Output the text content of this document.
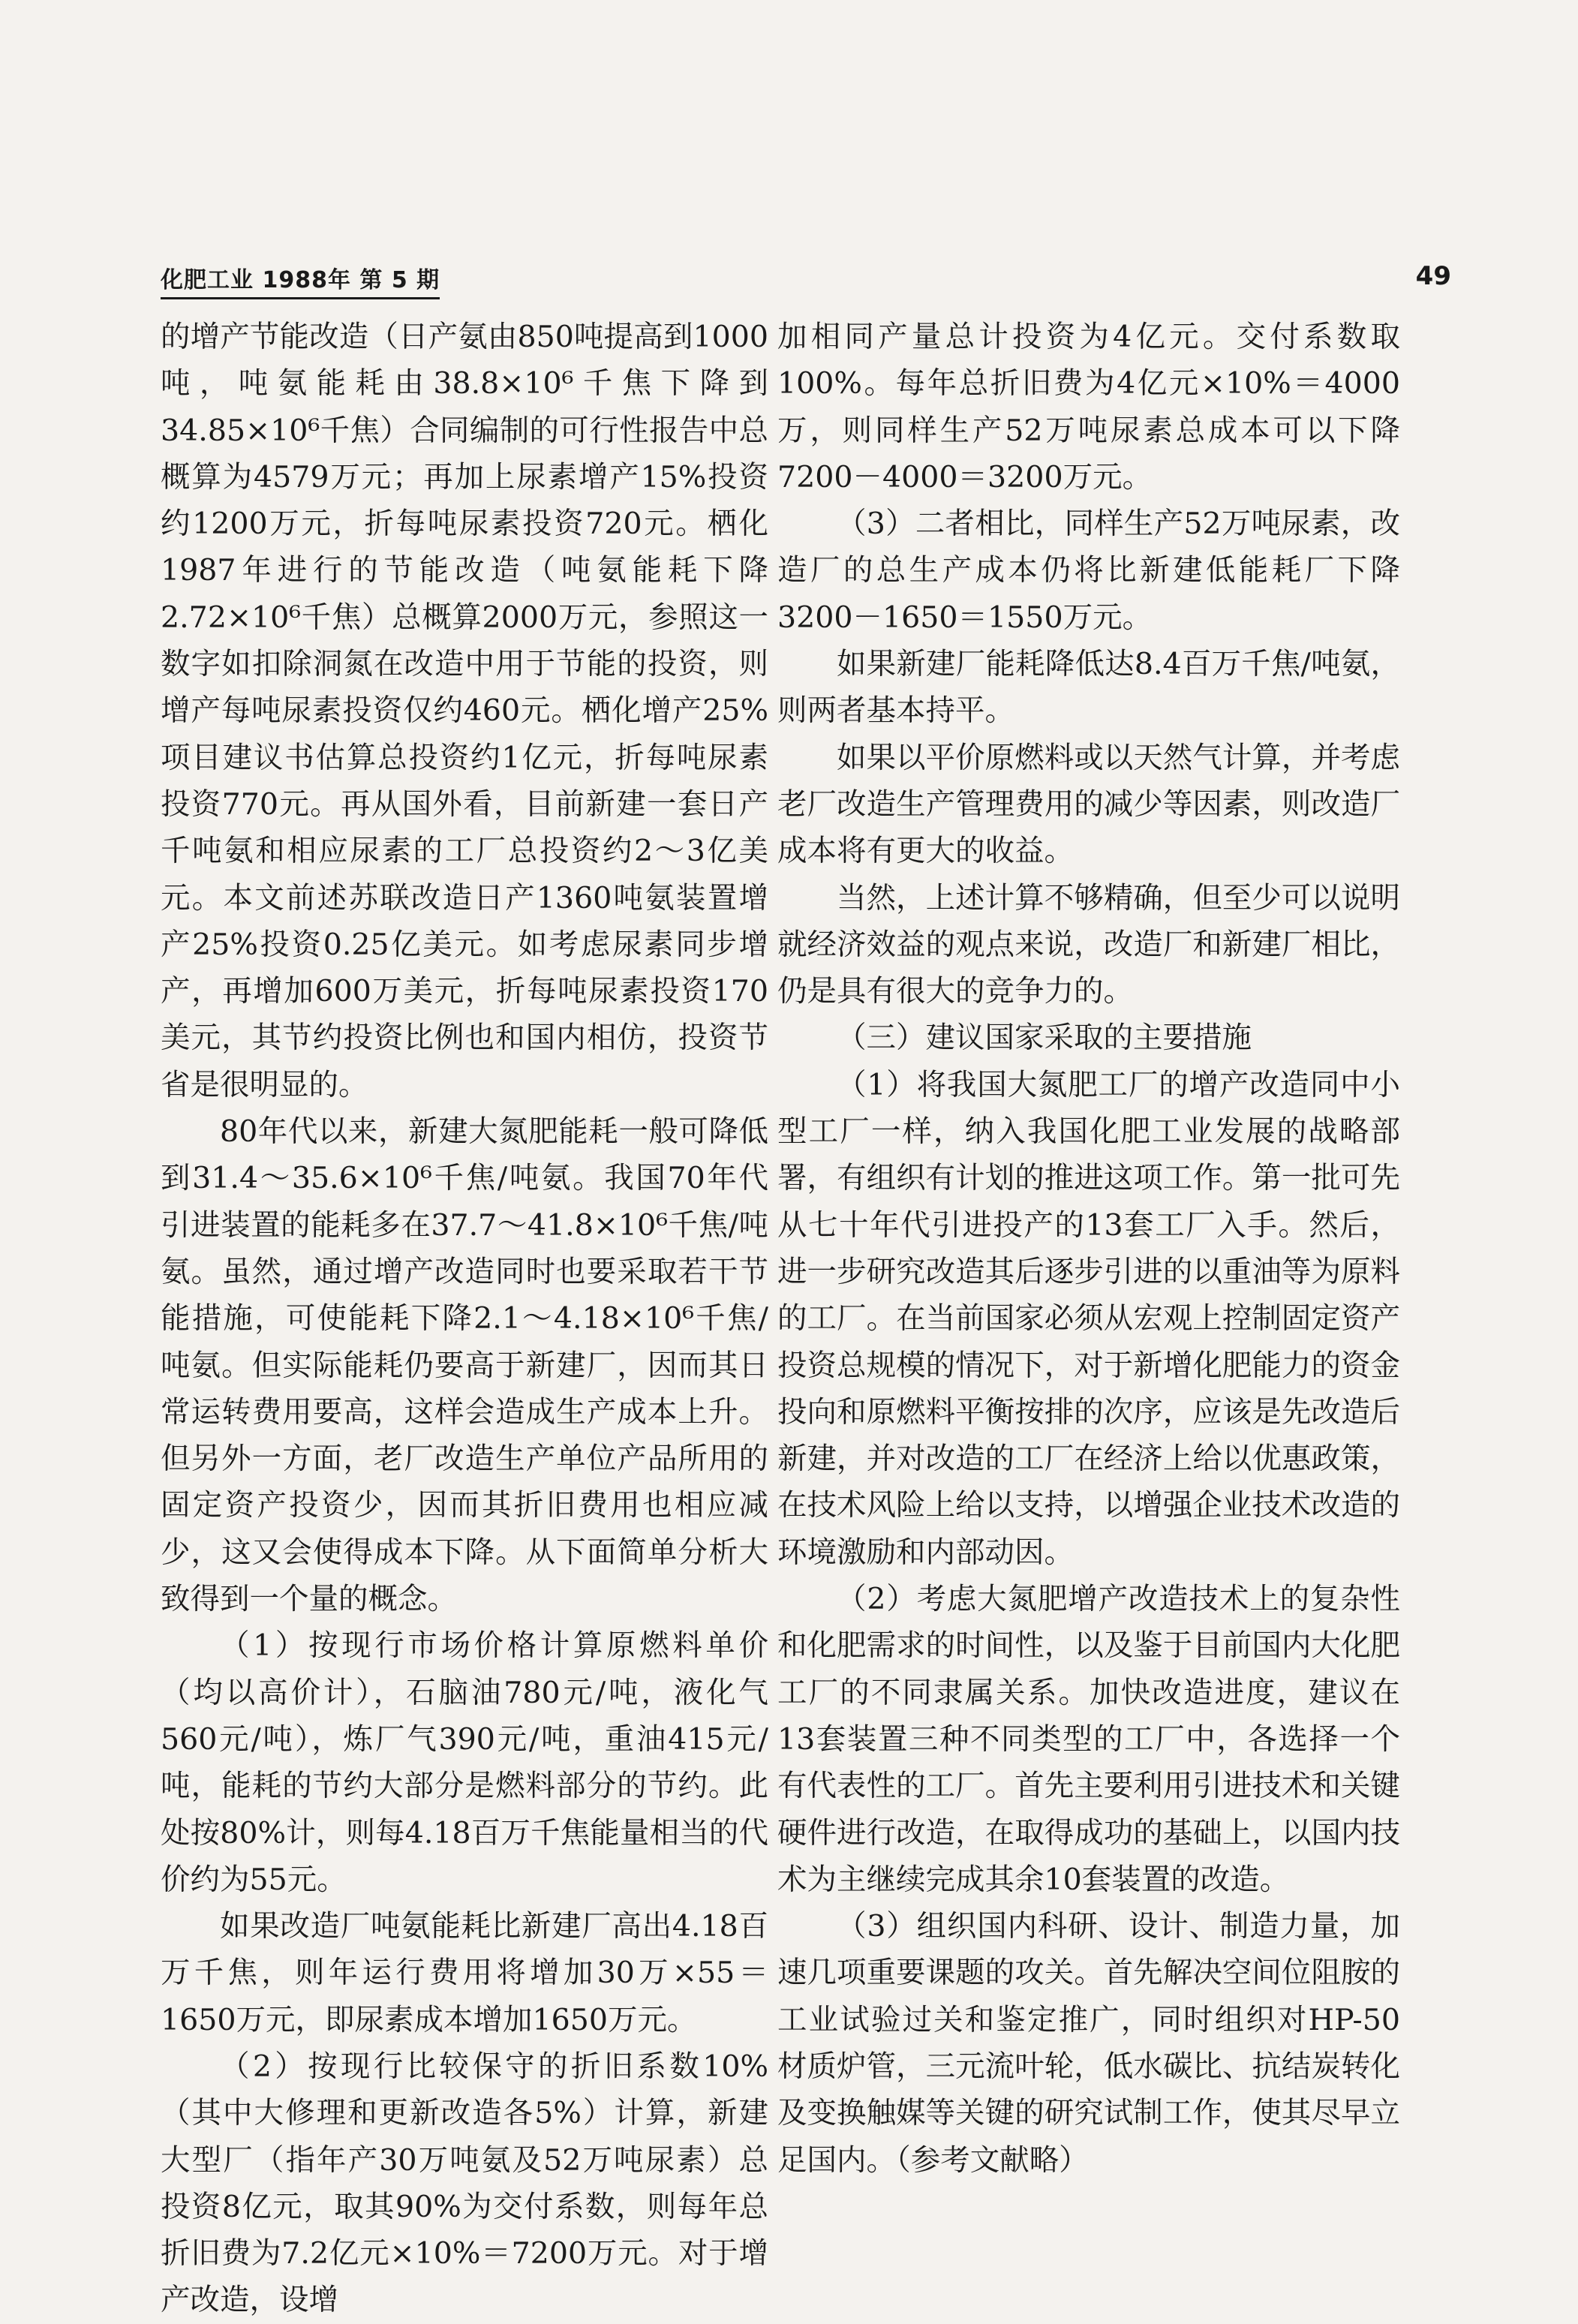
化肥工业 1988年 第 5 期	49

的增产节能改造（日产氨由850吨提高到1000吨，吨氨能耗由38.8×10⁶千焦下降到34.85×10⁶千焦）合同编制的可行性报告中总概算为4579万元；再加上尿素增产15%投资约1200万元，折每吨尿素投资720元。栖化1987年进行的节能改造（吨氨能耗下降2.72×10⁶千焦）总概算2000万元，参照这一数字如扣除洞氮在改造中用于节能的投资，则增产每吨尿素投资仅约460元。栖化增产25%项目建议书估算总投资约1亿元，折每吨尿素投资770元。再从国外看，目前新建一套日产千吨氨和相应尿素的工厂总投资约2～3亿美元。本文前述苏联改造日产1360吨氨装置增产25%投资0.25亿美元。如考虑尿素同步增产，再增加600万美元，折每吨尿素投资170美元，其节约投资比例也和国内相仿，投资节省是很明显的。

80年代以来，新建大氮肥能耗一般可降低到31.4～35.6×10⁶千焦/吨氨。我国70年代引进装置的能耗多在37.7～41.8×10⁶千焦/吨氨。虽然，通过增产改造同时也要采取若干节能措施，可使能耗下降2.1～4.18×10⁶千焦/吨氨。但实际能耗仍要高于新建厂，因而其日常运转费用要高，这样会造成生产成本上升。但另外一方面，老厂改造生产单位产品所用的固定资产投资少，因而其折旧费用也相应减少，这又会使得成本下降。从下面简单分析大致得到一个量的概念。

（1）按现行市场价格计算原燃料单价（均以高价计），石脑油780元/吨，液化气560元/吨），炼厂气390元/吨，重油415元/吨，能耗的节约大部分是燃料部分的节约。此处按80%计，则每4.18百万千焦能量相当的代价约为55元。

如果改造厂吨氨能耗比新建厂高出4.18百万千焦，则年运行费用将增加30万×55＝1650万元，即尿素成本增加1650万元。

（2）按现行比较保守的折旧系数10%（其中大修理和更新改造各5%）计算，新建大型厂（指年产30万吨氨及52万吨尿素）总投资8亿元，取其90%为交付系数，则每年总折旧费为7.2亿元×10%＝7200万元。对于增产改造，设增

加相同产量总计投资为4亿元。交付系数取100%。每年总折旧费为4亿元×10%＝4000万，则同样生产52万吨尿素总成本可以下降7200－4000＝3200万元。

（3）二者相比，同样生产52万吨尿素，改造厂的总生产成本仍将比新建低能耗厂下降3200－1650＝1550万元。

如果新建厂能耗降低达8.4百万千焦/吨氨，则两者基本持平。

如果以平价原燃料或以天然气计算，并考虑老厂改造生产管理费用的减少等因素，则改造厂成本将有更大的收益。

当然，上述计算不够精确，但至少可以说明就经济效益的观点来说，改造厂和新建厂相比，仍是具有很大的竞争力的。

（三）建议国家采取的主要措施

（1）将我国大氮肥工厂的增产改造同中小型工厂一样，纳入我国化肥工业发展的战略部署，有组织有计划的推进这项工作。第一批可先从七十年代引进投产的13套工厂入手。然后，进一步研究改造其后逐步引进的以重油等为原料的工厂。在当前国家必须从宏观上控制固定资产投资总规模的情况下，对于新增化肥能力的资金投向和原燃料平衡按排的次序，应该是先改造后新建，并对改造的工厂在经济上给以优惠政策，在技术风险上给以支持，以增强企业技术改造的环境激励和内部动因。

（2）考虑大氮肥增产改造技术上的复杂性和化肥需求的时间性，以及鉴于目前国内大化肥工厂的不同隶属关系。加快改造进度，建议在13套装置三种不同类型的工厂中，各选择一个有代表性的工厂。首先主要利用引进技术和关键硬件进行改造，在取得成功的基础上，以国内技术为主继续完成其余10套装置的改造。

（3）组织国内科研、设计、制造力量，加速几项重要课题的攻关。首先解决空间位阻胺的工业试验过关和鉴定推广，同时组织对HP-50材质炉管，三元流叶轮，低水碳比、抗结炭转化及变换触媒等关键的研究试制工作，使其尽早立足国内。（参考文献略）
